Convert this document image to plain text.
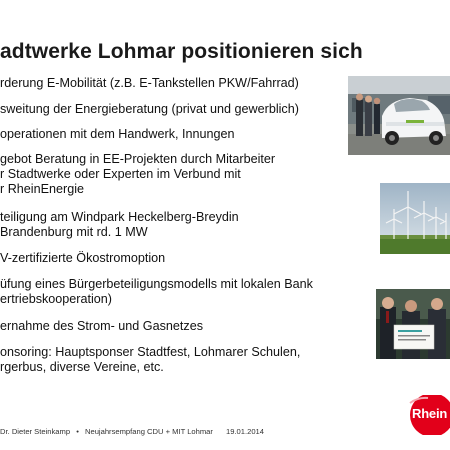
adtwerke Lohmar positionieren sich
rderung E-Mobilität (z.B. E-Tankstellen PKW/Fahrrad)
sweitung der Energieberatung (privat und gewerblich)
operationen mit dem Handwerk, Innungen
gebot Beratung in EE-Projekten durch Mitarbeiter
r Stadtwerke oder Experten im Verbund mit
r RheinEnergie
teiligung am Windpark Heckelberg-Breydin
Brandenburg mit rd. 1 MW
V-zertifizierte Ökostromoption
üfung eines Bürgerbeteiligungsmodells mit lokalen Bank
ertriebskooperation)
ernahme des Strom- und Gasnetzes
onsoring: Hauptsponser Stadtfest, Lohmarer Schulen,
rgerbus, diverse Vereine, etc.
Dr. Dieter Steinkamp • Neujahrsempfang CDU + MIT Lohmar 19.01.2014
Rhein
